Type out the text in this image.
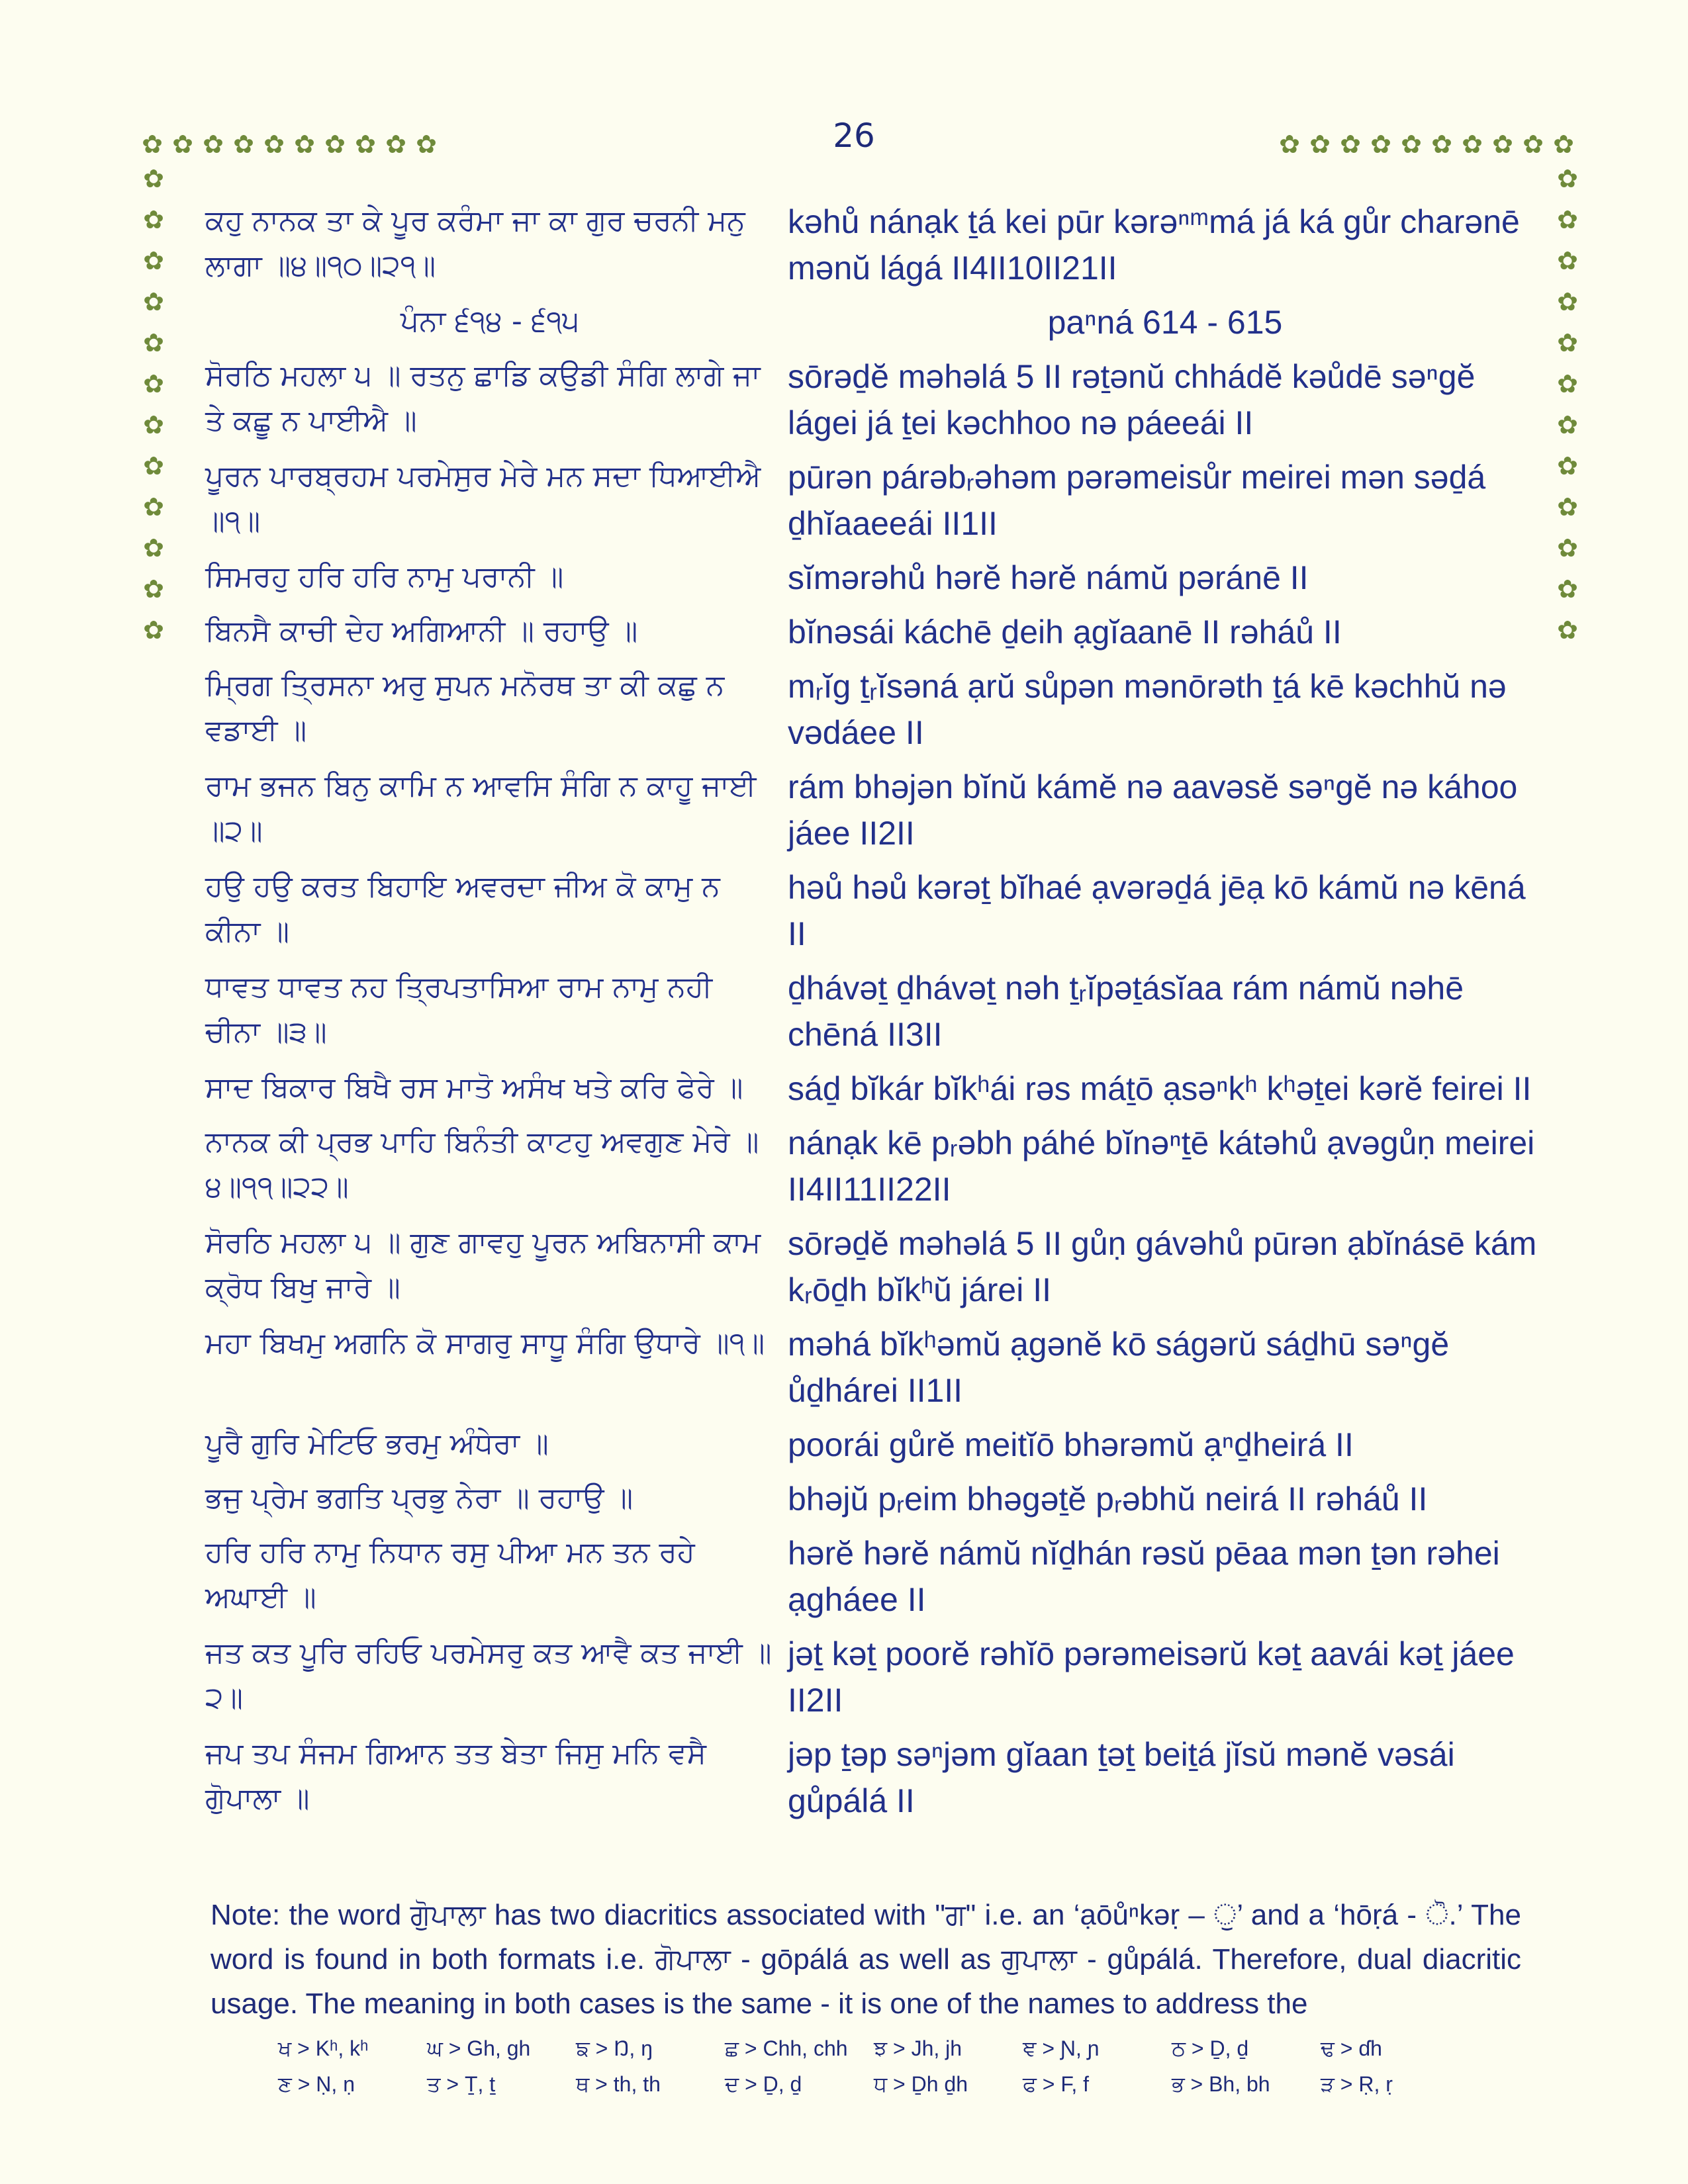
26
✿ ✿ ✿ ✿ ✿ ✿ ✿ ✿ ✿ ✿	✿ ✿ ✿ ✿ ✿ ✿ ✿ ✿ ✿ ✿
✿
✿
✿
✿
✿
✿
✿
✿
✿
✿
✿
✿
✿
✿
✿
✿
✿
✿
✿
✿
✿
✿
✿
✿
ਕਹੁ ਨਾਨਕ ਤਾ ਕੇ ਪੂਰ ਕਰੰਮਾ ਜਾ ਕਾ ਗੁਰ ਚਰਨੀ ਮਨੁ ਲਾਗਾ ॥੪॥੧੦॥੨੧॥
kəhů nánạk ṯá kei pūr kərəⁿᵐmá já ká gůr charənē mənŭ lágá II4II10II21II
ਪੰਨਾ ੬੧੪ - ੬੧੫	paⁿná 614 - 615
ਸੋਰਠਿ ਮਹਲਾ ੫ ॥ ਰਤਨੁ ਛਾਡਿ ਕਉਡੀ ਸੰਗਿ ਲਾਗੇ ਜਾ ਤੇ ਕਛੂ ਨ ਪਾਈਐ ॥
sōrəḏĕ məhəlá 5 II rəṯənŭ chhádĕ kəůdē səⁿgĕ lágei já ṯei kəchhoo nə páeeái II
ਪੂਰਨ ਪਾਰਬ੍ਰਹਮ ਪਰਮੇਸੁਰ ਮੇਰੇ ਮਨ ਸਦਾ ਧਿਆਈਐ ॥੧॥
pūrən párəbᵣəhəm pərəmeisůr meirei mən səḏá ḏhĭaaeeái II1II
ਸਿਮਰਹੁ ਹਰਿ ਹਰਿ ਨਾਮੁ ਪਰਾਨੀ ॥	sĭmərəhů hərĕ hərĕ námŭ pəránē II
ਬਿਨਸੈ ਕਾਚੀ ਦੇਹ ਅਗਿਆਨੀ ॥ ਰਹਾਉ ॥	bĭnəsái káchē ḏeih ạgĭaanē II rəháů II
ਮ੍ਰਿਗ ਤ੍ਰਿਸਨਾ ਅਰੁ ਸੁਪਨ ਮਨੋਰਥ ਤਾ ਕੀ ਕਛੁ ਨ ਵਡਾਈ ॥
mᵣĭg ṯᵣĭsəná ạrŭ sůpən mənōrəth ṯá kē kəchhŭ nə vədáee II
ਰਾਮ ਭਜਨ ਬਿਨੁ ਕਾਮਿ ਨ ਆਵਸਿ ਸੰਗਿ ਨ ਕਾਹੂ ਜਾਈ ॥੨॥
rám bhəjən bĭnŭ kámĕ nə aavəsĕ səⁿgĕ nə káhoo jáee II2II
ਹਉ ਹਉ ਕਰਤ ਬਿਹਾਇ ਅਵਰਦਾ ਜੀਅ ਕੋ ਕਾਮੁ ਨ ਕੀਨਾ ॥
həů həů kərəṯ bĭhaé ạvərəḏá jēạ kō kámŭ nə kēná II
ਧਾਵਤ ਧਾਵਤ ਨਹ ਤ੍ਰਿਪਤਾਸਿਆ ਰਾਮ ਨਾਮੁ ਨਹੀ ਚੀਨਾ ॥੩॥
ḏhávəṯ ḏhávəṯ nəh ṯᵣĭpəṯásĭaa rám námŭ nəhē chēná II3II
ਸਾਦ ਬਿਕਾਰ ਬਿਖੈ ਰਸ ਮਾਤੋ ਅਸੰਖ ਖਤੇ ਕਰਿ ਫੇਰੇ ॥	sáḏ bĭkár bĭkʰái rəs máṯō ạsəⁿkʰ kʰəṯei kərĕ feirei II
ਨਾਨਕ ਕੀ ਪ੍ਰਭ ਪਾਹਿ ਬਿਨੰਤੀ ਕਾਟਹੁ ਅਵਗੁਣ ਮੇਰੇ ॥੪॥੧੧॥੨੨॥
nánạk kē pᵣəbh páhé bĭnəⁿṯē kátəhů ạvəgůṇ meirei II4II11II22II
ਸੋਰਠਿ ਮਹਲਾ ੫ ॥ ਗੁਣ ਗਾਵਹੁ ਪੂਰਨ ਅਬਿਨਾਸੀ ਕਾਮ ਕ੍ਰੋਧ ਬਿਖੁ ਜਾਰੇ ॥
sōrəḏĕ məhəlá 5 II gůṇ gávəhů pūrən ạbĭnásē kám kᵣōḏh bĭkʰŭ járei II
ਮਹਾ ਬਿਖਮੁ ਅਗਨਿ ਕੋ ਸਾਗਰੁ ਸਾਧੂ ਸੰਗਿ ਉਧਾਰੇ ॥੧॥ məhá bĭkʰəmŭ ạgənĕ kō ságərŭ sáḏhū səⁿgĕ ůḏhárei II1II
ਪੂਰੈ ਗੁਰਿ ਮੇਟਿਓ ਭਰਮੁ ਅੰਧੇਰਾ ॥	poorái gůrĕ meitĭō bhərəmŭ ạⁿḏheirá II
ਭਜੁ ਪ੍ਰੇਮ ਭਗਤਿ ਪ੍ਰਭੁ ਨੇਰਾ ॥ ਰਹਾਉ ॥	bhəjŭ pᵣeim bhəgəṯĕ pᵣəbhŭ neirá II rəháů II
ਹਰਿ ਹਰਿ ਨਾਮੁ ਨਿਧਾਨ ਰਸੁ ਪੀਆ ਮਨ ਤਨ ਰਹੇ ਅਘਾਈ ॥
hərĕ hərĕ námŭ nĭḏhán rəsŭ pēaa mən ṯən rəhei ạgháee II
ਜਤ ਕਤ ਪੂਰਿ ਰਹਿਓ ਪਰਮੇਸਰੁ ਕਤ ਆਵੈ ਕਤ ਜਾਈ ॥੨॥
jəṯ kəṯ poorĕ rəhĭō pərəmeisərŭ kəṯ aavái kəṯ jáee II2II
ਜਪ ਤਪ ਸੰਜਮ ਗਿਆਨ ਤਤ ਬੇਤਾ ਜਿਸੁ ਮਨਿ ਵਸੈ ਗੋੁਪਾਲਾ ॥
jəp ṯəp səⁿjəm gĭaan ṯəṯ beiṯá jĭsŭ mənĕ vəsái gůpálá II
Note: the word ਗੋੁਪਾਲਾ has two diacritics associated with "ਗ" i.e. an ‘ạōůⁿkəṛ – ੁ’ and a ‘hōṛá - ੋ.’ The word is found in both formats i.e. ਗੋਪਾਲਾ - gōpálá as well as ਗੁਪਾਲਾ - gůpálá. Therefore, dual diacritic usage. The meaning in both cases is the same - it is one of the names to address the
ਖ > Kʰ, kʰ	ਘ > Gh, gh	ਙ > Ŋ, ŋ	ਛ > Chh, chh	ਝ > Jh, jh	ਞ > Ɲ, ɲ	ਠ > Ḏ, ḏ	ਢ > ɗh
ਣ > Ṇ, ṇ	ਤ > Ṯ, ṯ	ਥ > th, th	ਦ > Ḏ, ḏ	ਧ > Ḏh ḏh	ਫ > F, f	ਭ > Bh, bh	ੜ > Ṛ, ṛ
